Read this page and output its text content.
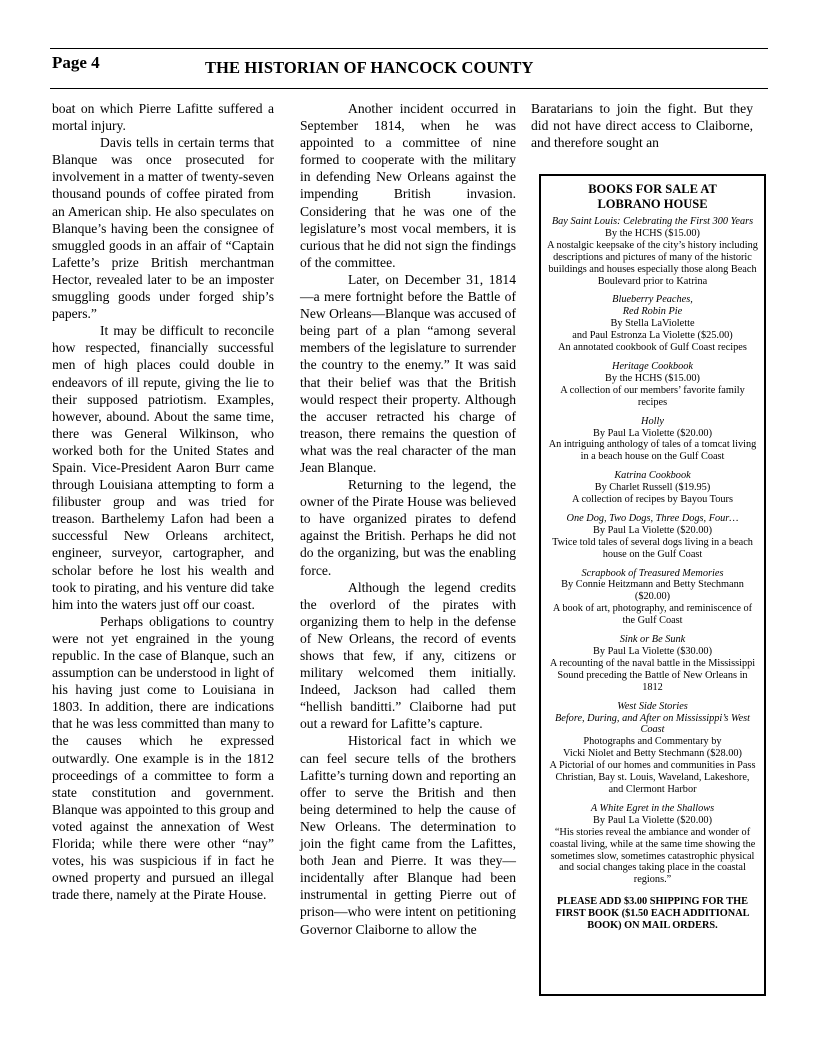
Page 4	THE HISTORIAN OF HANCOCK COUNTY

boat on which Pierre Lafitte suffered a mortal injury.

Davis tells in certain terms that Blanque was once prosecuted for involvement in a matter of twenty-seven thousand pounds of coffee pirated from an American ship. He also speculates on Blanque’s having been the consignee of smuggled goods in an affair of “Captain Lafette’s prize British merchantman Hector, revealed later to be an imposter smuggling goods under forged ship’s papers.”

It may be difficult to reconcile how respected, financially successful men of high places could double in endeavors of ill repute, giving the lie to their supposed patriotism. Examples, however, abound. About the same time, there was General Wilkinson, who worked both for the United States and Spain. Vice-President Aaron Burr came through Louisiana attempting to form a filibuster group and was tried for treason. Barthelemy Lafon had been a successful New Orleans architect, engineer, surveyor, cartographer, and scholar before he lost his wealth and took to pirating, and his venture did take him into the waters just off our coast.

Perhaps obligations to country were not yet engrained in the young republic. In the case of Blanque, such an assumption can be understood in light of his having just come to Louisiana in 1803. In addition, there are indications that he was less committed than many to the causes which he expressed outwardly. One example is in the 1812 proceedings of a committee to form a state constitution and government. Blanque was appointed to this group and voted against the annexation of West Florida; while there were other “nay” votes, his was suspicious if in fact he owned property and pursued an illegal trade there, namely at the Pirate House.

Another incident occurred in September 1814, when he was appointed to a committee of nine formed to cooperate with the military in defending New Orleans against the impending British invasion. Considering that he was one of the legislature’s most vocal members, it is curious that he did not sign the findings of the committee.

Later, on December 31, 1814—a mere fortnight before the Battle of New Orleans—Blanque was accused of being part of a plan “among several members of the legislature to surrender the country to the enemy.” It was said that their belief was that the British would respect their property. Although the accuser retracted his charge of treason, there remains the question of what was the real character of the man Jean Blanque.

Returning to the legend, the owner of the Pirate House was believed to have organized pirates to defend against the British. Perhaps he did not do the organizing, but was the enabling force.

Although the legend credits the overlord of the pirates with organizing them to help in the defense of New Orleans, the record of events shows that few, if any, citizens or military welcomed them initially. Indeed, Jackson had called them “hellish banditti.” Claiborne had put out a reward for Lafitte’s capture.

Historical fact in which we can feel secure tells of the brothers Lafitte’s turning down and reporting an offer to serve the British and then being determined to help the cause of New Orleans. The determination to join the fight came from the Lafittes, both Jean and Pierre. It was they—incidentally after Blanque had been instrumental in getting Pierre out of prison—who were intent on petitioning Governor Claiborne to allow the

Baratarians to join the fight. But they did not have direct access to Claiborne, and therefore sought an

BOOKS FOR SALE AT
LOBRANO HOUSE
Bay Saint Louis: Celebrating the First 300 Years
By the HCHS ($15.00)
A nostalgic keepsake of the city’s history including descriptions and pictures of many of the historic buildings and houses especially those along Beach Boulevard prior to Katrina
Blueberry Peaches,
Red Robin Pie
By Stella LaViolette
and Paul Estronza La Violette ($25.00)
An annotated cookbook of Gulf Coast recipes
Heritage Cookbook
By the HCHS ($15.00)
A collection of our members’ favorite family recipes
Holly
By Paul La Violette ($20.00)
An intriguing anthology of tales of a tomcat living in a beach house on the Gulf Coast
Katrina Cookbook
By Charlet Russell ($19.95)
A collection of recipes by Bayou Tours
One Dog, Two Dogs, Three Dogs, Four…
By Paul La Violette ($20.00)
Twice told tales of several dogs living in a beach house on the Gulf Coast
Scrapbook of Treasured Memories
By Connie Heitzmann and Betty Stechmann ($20.00)
A book of art, photography, and reminiscence of the Gulf Coast
Sink or Be Sunk
By Paul La Violette ($30.00)
A recounting of the naval battle in the Mississippi Sound preceding the Battle of New Orleans in 1812
West Side Stories
Before, During, and After on Mississippi’s West Coast
Photographs and Commentary by
Vicki Niolet and Betty Stechmann ($28.00)
A Pictorial of our homes and communities in Pass Christian, Bay st. Louis, Waveland, Lakeshore, and Clermont Harbor
A White Egret in the Shallows
By Paul La Violette ($20.00)
“His stories reveal the ambiance and wonder of coastal living, while at the same time showing the sometimes slow, sometimes catastrophic physical and social changes taking place in the coastal regions.”
PLEASE ADD $3.00 SHIPPING FOR THE FIRST BOOK ($1.50 EACH ADDITIONAL BOOK) ON MAIL ORDERS.
